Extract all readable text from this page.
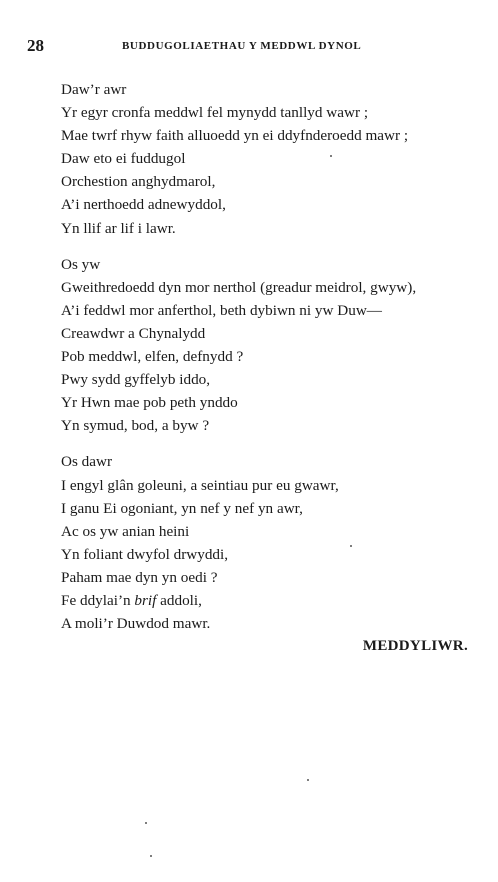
28	BUDDUGOLIAETHAU Y MEDDWL DYNOL
Daw’r awr
Yr egyr cronfa meddwl fel mynydd tanllyd wawr ;
Mae twrf rhyw faith alluoedd yn ei ddyfnderoedd mawr ;
Daw eto ei fuddugol
Orchestion anghydmarol,
A’i nerthoedd adnewyddol,
Yn llif ar lif i lawr.
Os yw
Gweithredoedd dyn mor nerthol (greadur meidrol, gwyw),
A’i feddwl mor anferthol, beth dybiwn ni yw Duw—
Creawdwr a Chynalydd
Pob meddwl, elfen, defnydd ?
Pwy sydd gyffelyb iddo,
Yr Hwn mae pob peth ynddo
Yn symud, bod, a byw ?
Os dawr
I engyl glân goleuni, a seintiau pur eu gwawr,
I ganu Ei ogoniant, yn nef y nef yn awr,
Ac os yw anian heini
Yn foliant dwyfol drwyddi,
Paham mae dyn yn oedi ?
Fe ddylai’n brif addoli,
A moli’r Duwdod mawr.
MEDDYLIWR.
